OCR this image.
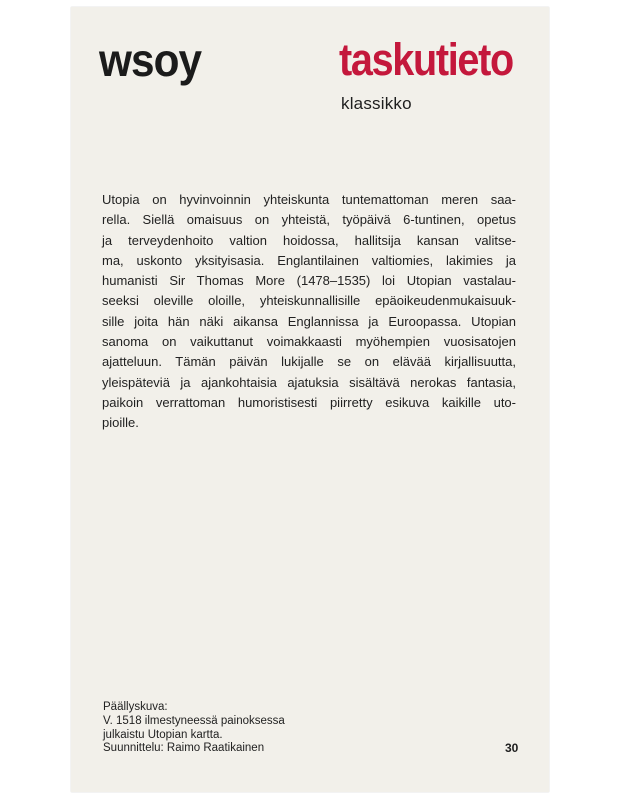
wsoy	taskutieto
klassikko
Utopia on hyvinvoinnin yhteiskunta tuntemattoman meren saa-
rella. Siellä omaisuus on yhteistä, työpäivä 6-tuntinen, opetus
ja terveydenhoito valtion hoidossa, hallitsija kansan valitse-
ma, uskonto yksityisasia. Englantilainen valtiomies, lakimies ja
humanisti Sir Thomas More (1478–1535) loi Utopian vastalau-
seeksi oleville oloille, yhteiskunnallisille epäoikeudenmukaisuuk-
sille joita hän näki aikansa Englannissa ja Euroopassa. Utopian
sanoma on vaikuttanut voimakkaasti myöhempien vuosisatojen
ajatteluun. Tämän päivän lukijalle se on elävää kirjallisuutta,
yleispäteviä ja ajankohtaisia ajatuksia sisältävä nerokas fantasia,
paikoin verrattoman humoristisesti piirretty esikuva kaikille uto-
pioille.
Päällyskuva:
V. 1518 ilmestyneessä painoksessa
julkaistu Utopian kartta.
Suunnittelu: Raimo Raatikainen	30
